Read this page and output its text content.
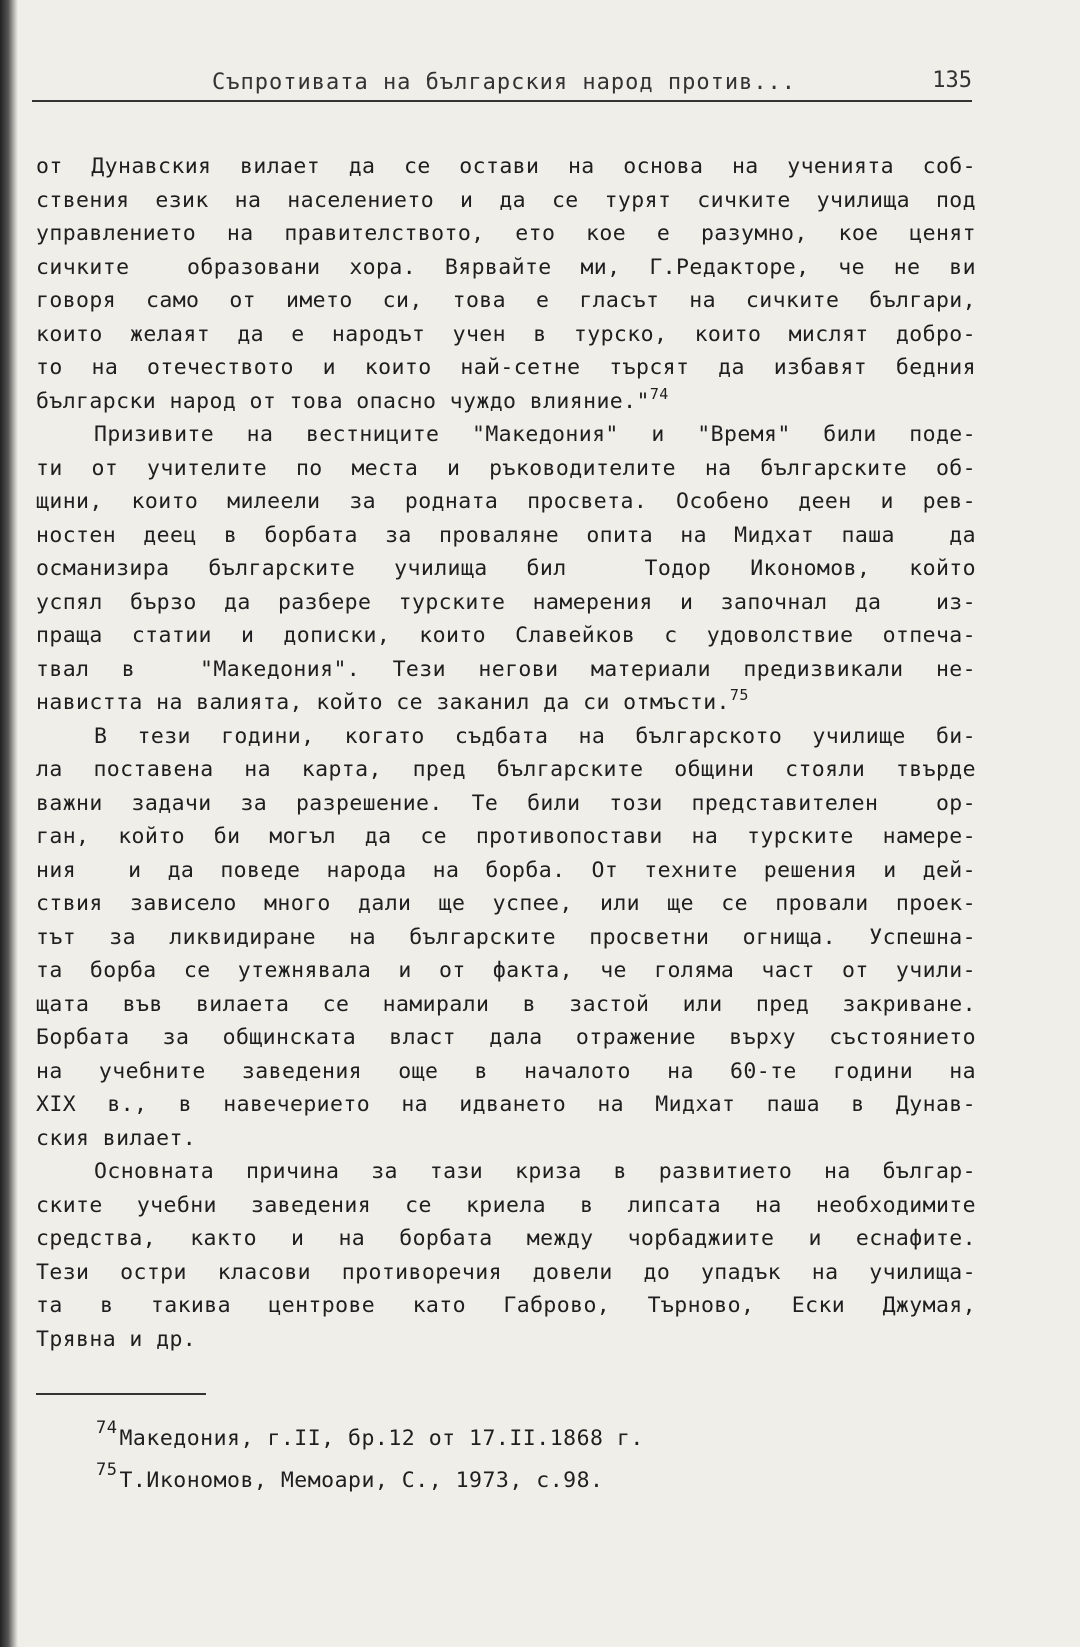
Съпротивата на българския народ против...	135
от Дунавския вилает да се остави на основа на ученията соб-
ствения език на населението и да се турят сичките училища под
управлението на правителството, ето кое е разумно, кое ценят
сичките  образовани хора. Вярвайте ми, Г.Редакторе, че не ви
говоря само от името си, това е гласът на сичките българи,
които желаят да е народът учен в турско, които мислят добро-
то на отечеството и които най-сетне търсят да избавят бедния
български народ от това опасно чуждо влияние."$^{74}$
Призивите на вестниците "Македония" и "Время" били поде-
ти от учителите по места и ръководителите на българските об-
щини, които милеели за родната просвета. Особено деен и рев-
ностен деец в борбата за проваляне опита на Мидхат паша  да
османизира българските училища бил  Тодор Икономов, който
успял бързо да разбере турските намерения и започнал да  из-
праща статии и дописки, които Славейков с удоволствие отпеча-
твал в  "Македония". Тези негови материали предизвикали не-
навистта на валията, който се заканил да си отмъсти.$^{75}$
В тези години, когато съдбата на българското училище би-
ла поставена на карта, пред българските общини стояли твърде
важни задачи за разрешение. Те били този представителен  ор-
ган, който би могъл да се противопостави на турските намере-
ния  и да поведе народа на борба. От техните решения и дей-
ствия зависело много дали ще успее, или ще се провали проек-
тът за ликвидиране на българските просветни огнища. Успешна-
та борба се утежнявала и от факта, че голяма част от учили-
щата във вилаета се намирали в застой или пред закриване.
Борбата за общинската власт дала отражение върху състоянието
на учебните заведения още в началото на 60-те години на
XIX в., в навечерието на идването на Мидхат паша в Дунав-
ския вилает.
Основната причина за тази криза в развитието на българ-
ските учебни заведения се криела в липсата на необходимите
средства, както и на борбата между чорбаджиите и еснафите.
Тези остри класови противоречия довели до упадък на училища-
та в такива центрове като Габрово, Търново, Ески Джумая,
Трявна и др.
$^{74}$Македония, г.II, бр.12 от 17.II.1868 г.
$^{75}$Т.Икономов, Мемоари, С., 1973, с.98.
